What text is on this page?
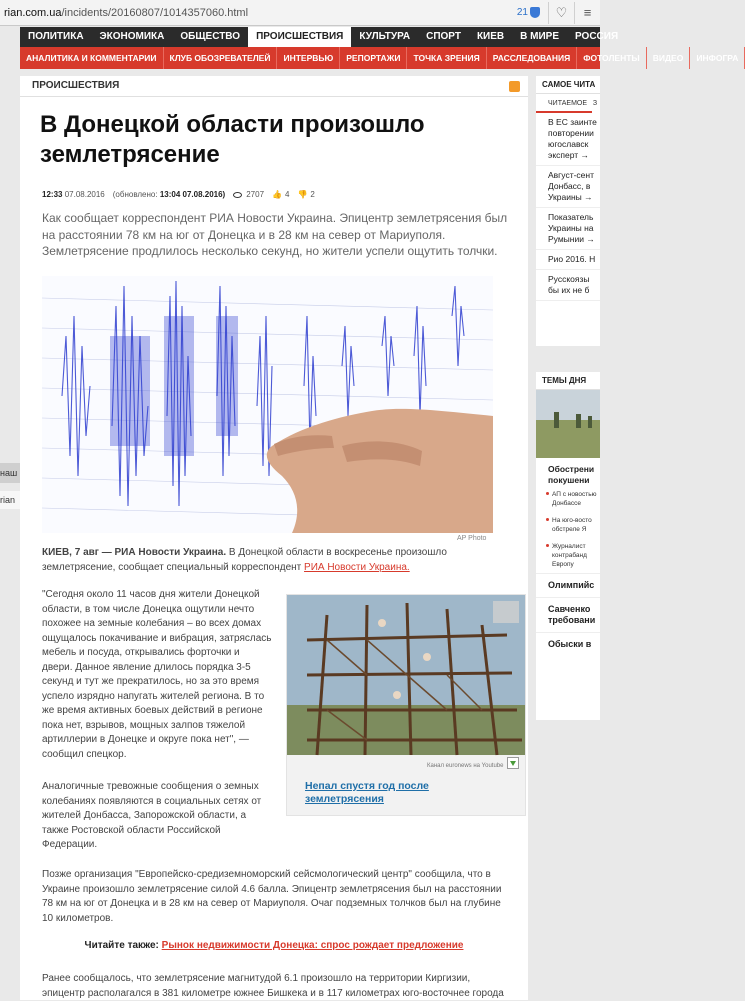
rian.com.ua/incidents/20160807/1014357060.html	21	♡	≡
ПОЛИТИКА	ЭКОНОМИКА	ОБЩЕСТВО	ПРОИСШЕСТВИЯ	КУЛЬТУРА	СПОРТ	КИЕВ	В МИРЕ	РОССИЯ
АНАЛИТИКА И КОММЕНТАРИИ	КЛУБ ОБОЗРЕВАТЕЛЕЙ	ИНТЕРВЬЮ	РЕПОРТАЖИ	ТОЧКА ЗРЕНИЯ	РАССЛЕДОВАНИЯ	ФОТОЛЕНТЫ	ВИДЕО	ИНФОГРА
наш
rian
ПРОИСШЕСТВИЯ
В Донецкой области произошло землетрясение
12:33
07.08.2016 (обновлено:
13:04 07.08.2016)	2707 👍 4 👎 2

Как сообщает корреспондент РИА Новости Украина. Эпицентр землетрясения был на расстоянии 78 км на юг от Донецка и в 28 км на север от Мариуполя. Землетрясение продлилось несколько секунд, но жители успели ощутить толчки.

AP Photo

КИЕВ, 7 авг — РИА Новости Украина. В Донецкой области в воскресенье произошло землетрясение, сообщает специальный корреспондент РИА Новости Украина.

"Сегодня около 11 часов дня жители Донецкой области, в том числе Донецка ощутили нечто похожее на земные колебания – во всех домах ощущалось покачивание и вибрация, затряслась мебель и посуда, открывались форточки и двери. Данное явление длилось порядка 3-5 секунд и тут же прекратилось, но за это время успело изрядно напугать жителей региона. В то же время активных боевых действий в регионе пока нет, взрывов, мощных залпов тяжелой артиллерии в Донецке и округе пока нет", — сообщил спецкор.

Канал euronews на Youtube
Непал спустя год после землетрясения

Аналогичные тревожные сообщения о земных колебаниях появляются в социальных сетях от жителей Донбасса, Запорожской области, а также Ростовской области Российской Федерации.

Позже организация "Европейско-средиземноморский сейсмологический центр" сообщила, что в Украине произошло землетрясение силой 4.6 балла. Эпицентр землетрясения был на расстоянии 78 км на юг от Донецка и в 28 км на север от Мариуполя. Очаг подземных толчков был на глубине 10 километров.

Читайте также: Рынок недвижимости Донецка: спрос рождает предложение

Ранее сообщалось, что землетрясение магнитудой 6.1 произошло на территории Киргизии, эпицентр располагался в 381 километре южнее Бишкека и в 117 километрах юго-восточнее города

САМОЕ ЧИТА
ЧИТАЕМОЕ З
В ЕС заинте
повторении
югославск
эксперт →
Август-сент
Донбасс, в
Украины →
Показатель
Украины на
Румынии →
Рио 2016. Н
Русскоязы
бы их не б
ТЕМЫ ДНЯ
Обострени
покушени
АП с новостью
Донбассе
На юго-восто
обстреле Я
Журналист
контрабанд
Европу
Олимпийс
Савченко
требовани
Обыски в
